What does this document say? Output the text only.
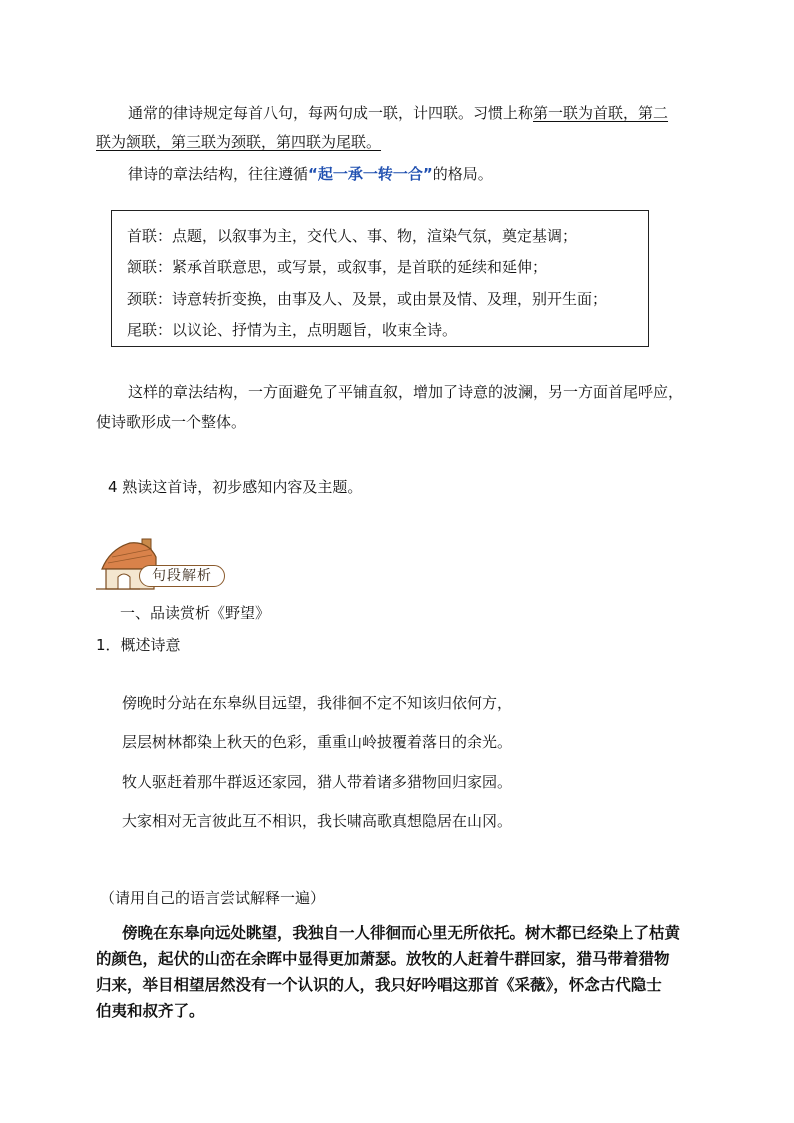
通常的律诗规定每首八句，每两句成一联，计四联。习惯上称第一联为首联，第二
联为颔联，第三联为颈联，第四联为尾联。
律诗的章法结构，往往遵循“起一承一转一合”的格局。
首联：点题，以叙事为主，交代人、事、物，渲染气氛，奠定基调；
颔联：紧承首联意思，或写景，或叙事，是首联的延续和延伸；
颈联：诗意转折变换，由事及人、及景，或由景及情、及理，别开生面；
尾联：以议论、抒情为主，点明题旨，收束全诗。
这样的章法结构，一方面避免了平铺直叙，增加了诗意的波澜，另一方面首尾呼应，
使诗歌形成一个整体。
4 熟读这首诗，初步感知内容及主题。
句段解析
一、品读赏析《野望》
1．概述诗意
傍晚时分站在东皋纵目远望，我徘徊不定不知该归依何方，
层层树林都染上秋天的色彩，重重山岭披覆着落日的余光。
牧人驱赶着那牛群返还家园，猎人带着诸多猎物回归家园。
大家相对无言彼此互不相识，我长啸高歌真想隐居在山冈。
（请用自己的语言尝试解释一遍）
傍晚在东皋向远处眺望，我独自一人徘徊而心里无所依托。树木都已经染上了枯黄
的颜色，起伏的山峦在余晖中显得更加萧瑟。放牧的人赶着牛群回家，猎马带着猎物
归来，举目相望居然没有一个认识的人，我只好吟唱这那首《采薇》，怀念古代隐士
伯夷和叔齐了。
